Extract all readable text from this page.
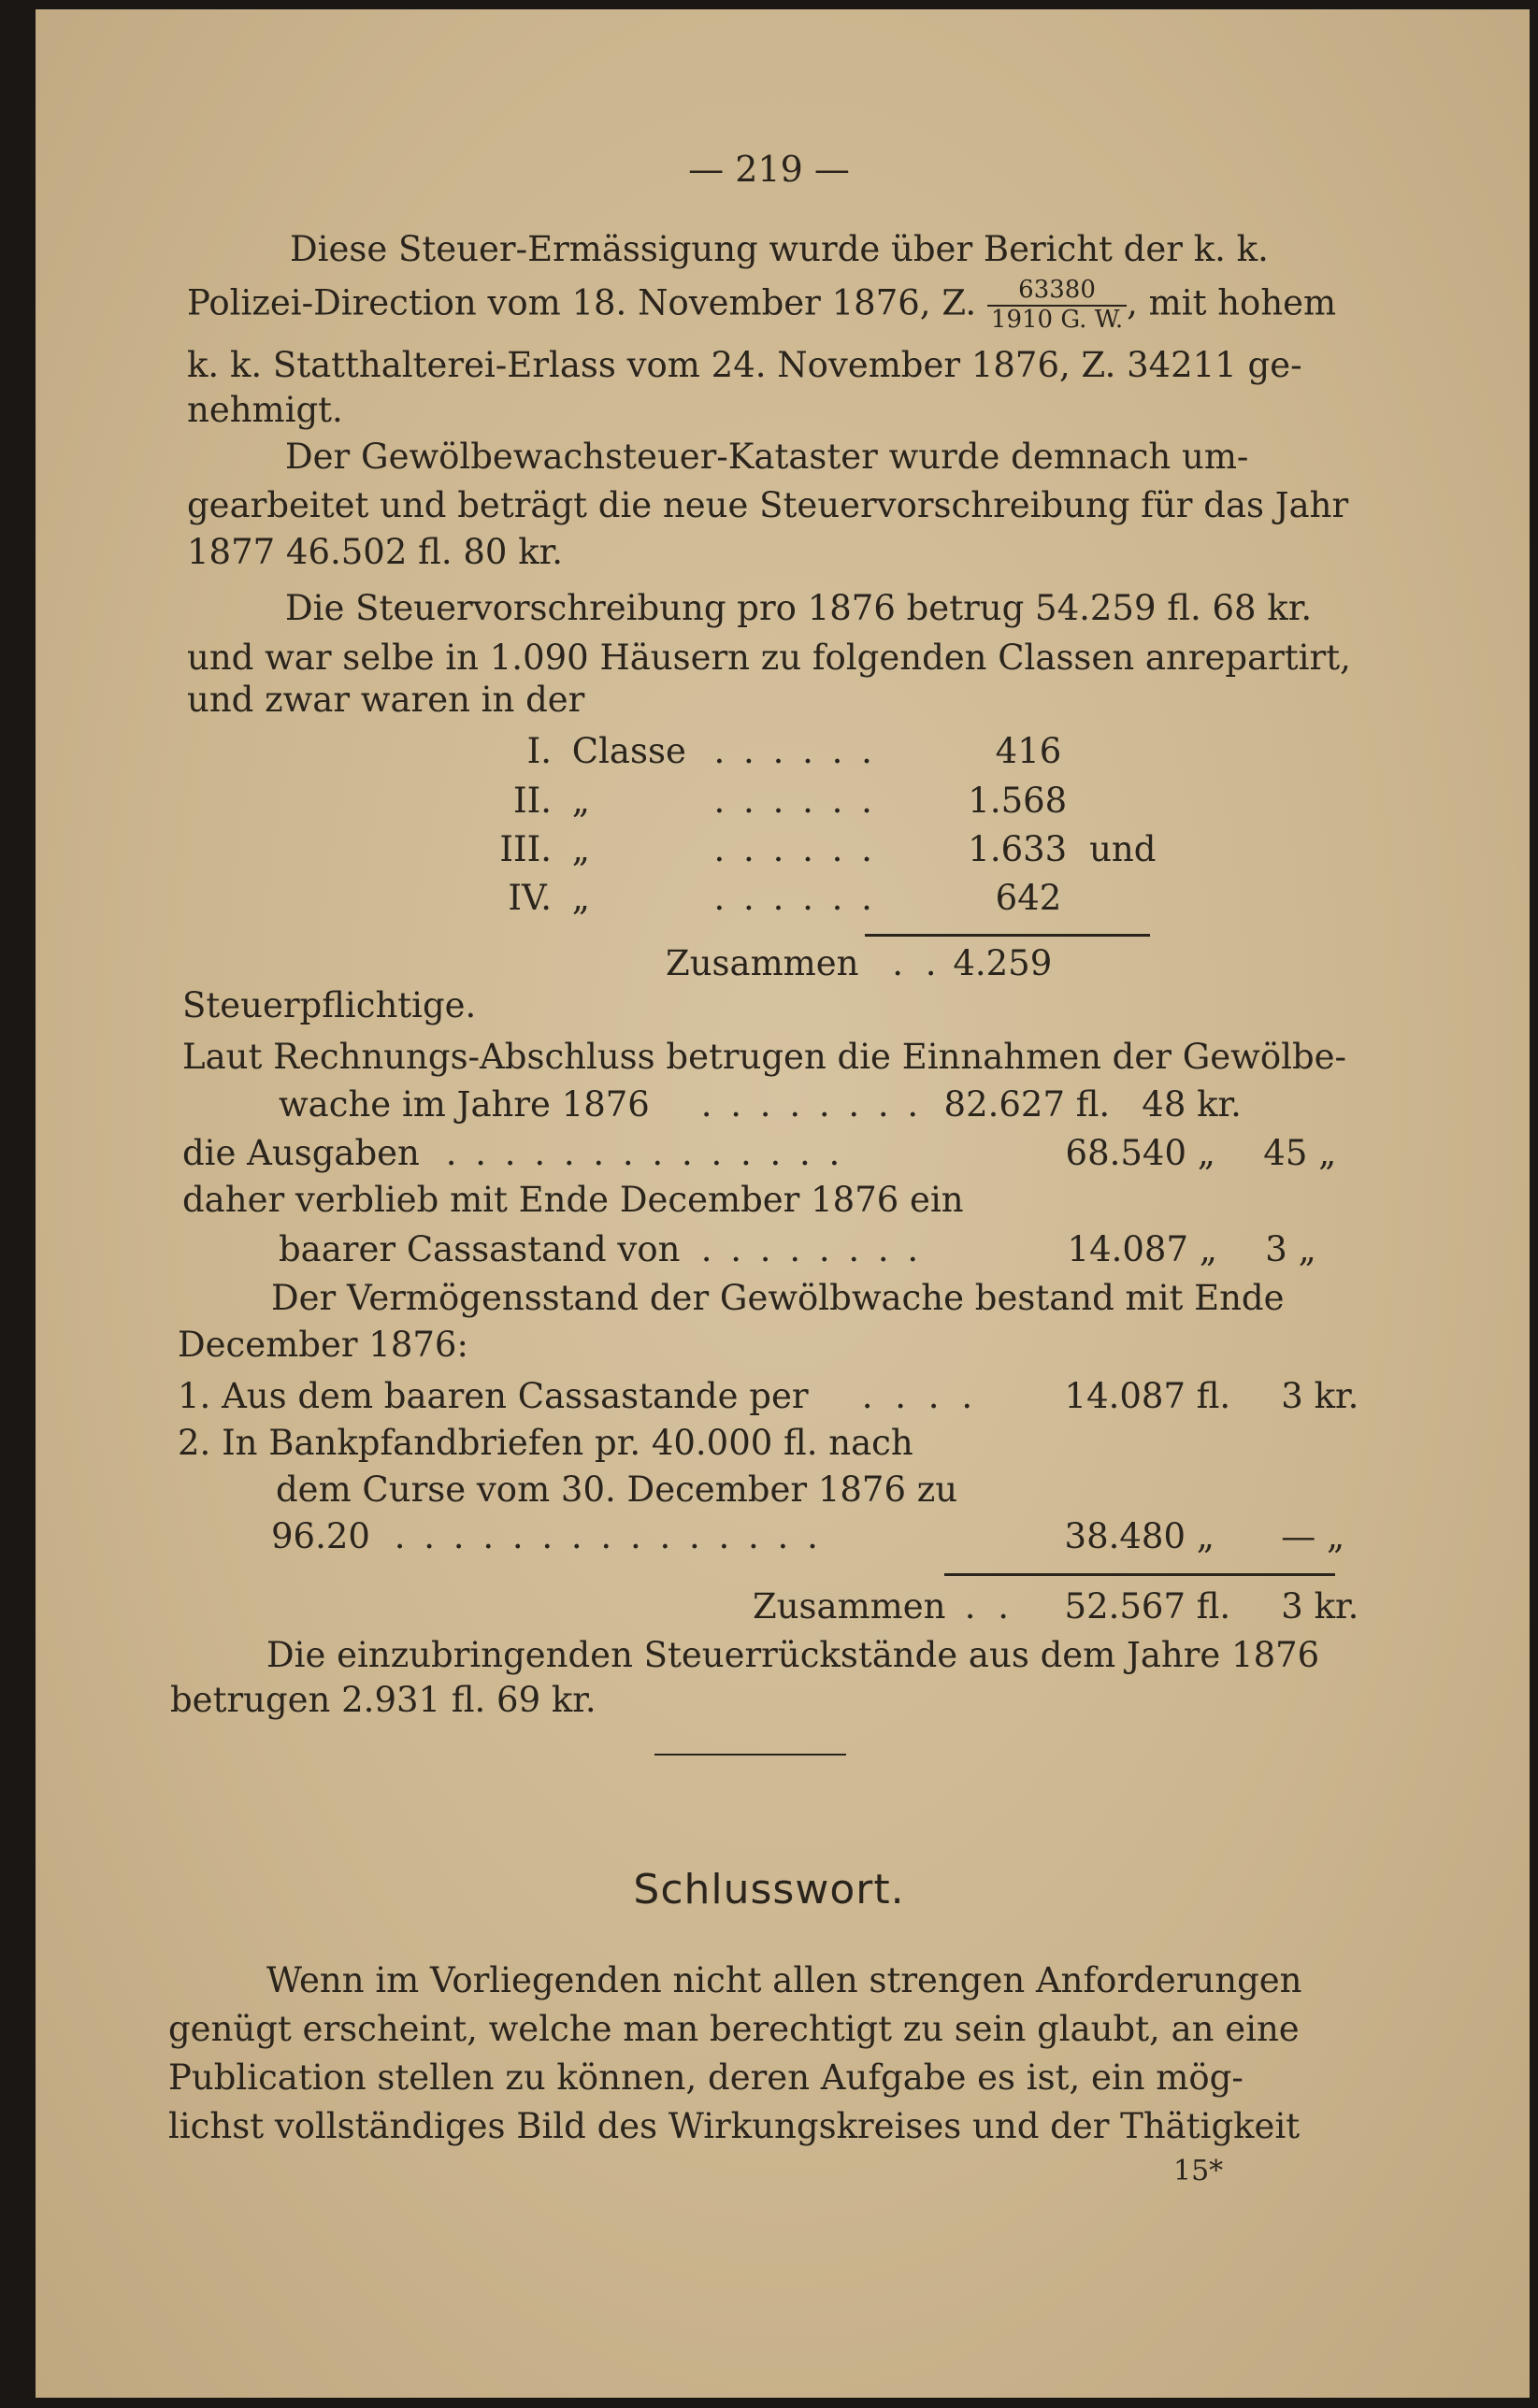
— 219 —
Diese Steuer-Ermässigung wurde über Bericht der k. k.
Polizei-Direction vom 18. November 1876, Z. $\frac{63380}{1910 G. W.}$ , mit hohem
k. k. Statthalterei-Erlass vom 24. November 1876, Z. 34211 ge-
nehmigt.
Der Gewölbewachsteuer-Kataster wurde demnach um-
gearbeitet und beträgt die neue Steuervorschreibung für das Jahr
1877 46.502 fl. 80 kr.
Die Steuervorschreibung pro 1876 betrug 54.259 fl. 68 kr.
und war selbe in 1.090 Häusern zu folgenden Classen anrepartirt,
und zwar waren in der
I. Classe . . . . . .	416
II. „	. . . . . .	1.568
III. „	. . . . . .	1.633 und
IV. „	. . . . . .	642
Zusammen . . 4.259
Steuerpflichtige.
Laut Rechnungs-Abschluss betrugen die Einnahmen der Gewölbe-
wache im Jahre 1876 . . . . . . . . 82.627 fl. 48 kr.
die Ausgaben . . . . . . . . . . . . . .	68.540 „ 45 „
daher verblieb mit Ende December 1876 ein
baarer Cassastand von . . . . . . . .	14.087 „ 3 „
Der Vermögensstand der Gewölbwache bestand mit Ende
December 1876:
1. Aus dem baaren Cassastande per . . . . 14.087 fl. 3 kr.
2. In Bankpfandbriefen pr. 40.000 fl. nach
dem Curse vom 30. December 1876 zu
96.20 . . . . . . . . . . . . . . .	38.480 „ — „
Zusammen . . 52.567 fl. 3 kr.
Die einzubringenden Steuerrückstände aus dem Jahre 1876
betrugen 2.931 fl. 69 kr.
Schlusswort.
Wenn im Vorliegenden nicht allen strengen Anforderungen
genügt erscheint, welche man berechtigt zu sein glaubt, an eine
Publication stellen zu können, deren Aufgabe es ist, ein mög-
lichst vollständiges Bild des Wirkungskreises und der Thätigkeit
15*
